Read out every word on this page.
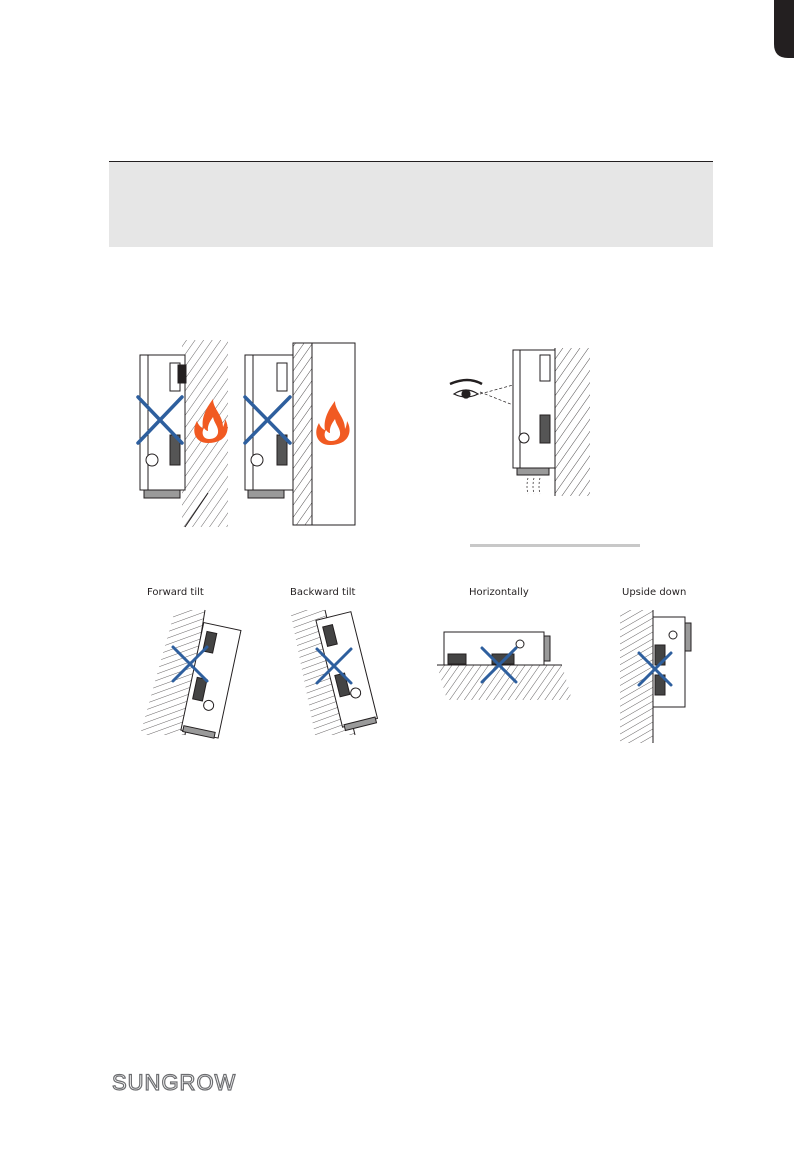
Forward tilt	Backward tilt	Horizontally	Upside down
SUNGROW
